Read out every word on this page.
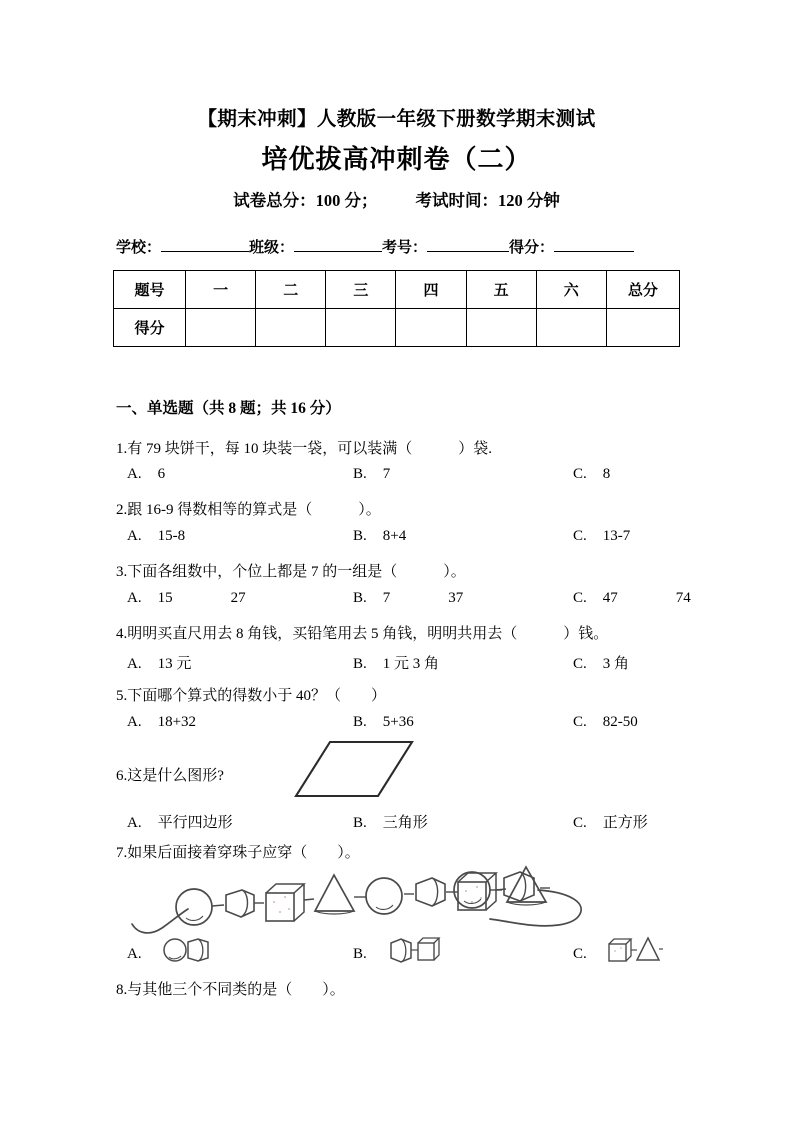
【期末冲刺】人教版一年级下册数学期末测试
培优拔高冲刺卷（二）
试卷总分：100 分； 考试时间：120 分钟
学校：	班级：	考号：	得分：
题号	一	二	三	四	五	六	总分
得分							
一、单选题（共 8 题；共 16 分）
1.有 79 块饼干，每 10 块装一袋，可以装满（	）袋.
A. 6	B. 7	C. 8
2.跟 16-9 得数相等的算式是（	）。
A. 15-8	B. 8+4	C. 13-7
3.下面各组数中，个位上都是 7 的一组是（	）。
A. 15	27	B. 7	37	C. 47	74
4.明明买直尺用去 8 角钱，买铅笔用去 5 角钱，明明共用去（	）钱。
A. 13 元	B. 1 元 3 角	C. 3 角
5.下面哪个算式的得数小于 40？（ ）
A. 18+32	B. 5+36	C. 82-50
6.这是什么图形?
A. 平行四边形	B. 三角形	C. 正方形
7.如果后面接着穿珠子应穿（ ）。
A.	B.	C.
8.与其他三个不同类的是（ ）。
